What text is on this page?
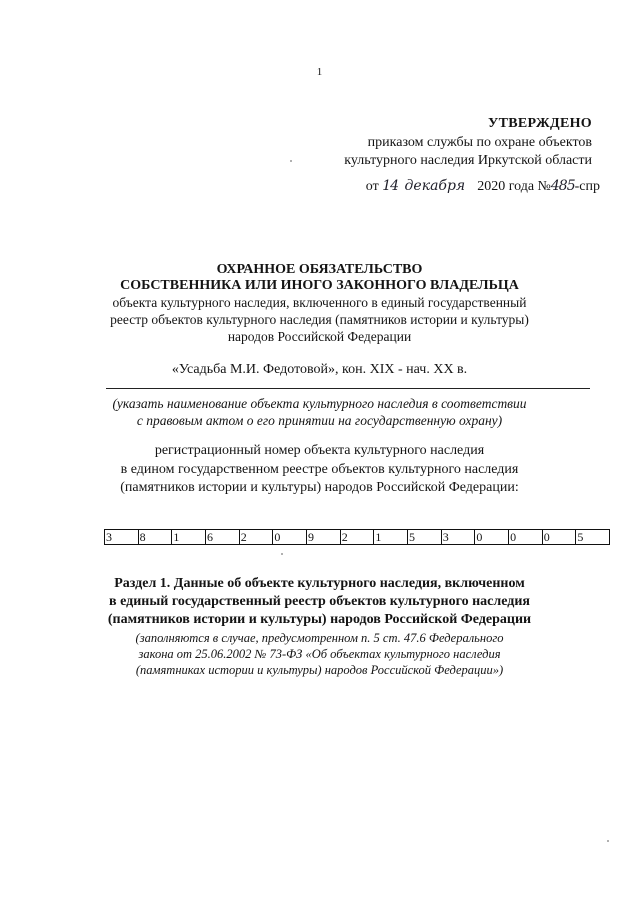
1
УТВЕРЖДЕНО
приказом службы по охране объектов
культурного наследия Иркутской области
от 14 декабря 2020 года №485-спр
ОХРАННОЕ ОБЯЗАТЕЛЬСТВО
СОБСТВЕННИКА ИЛИ ИНОГО ЗАКОННОГО ВЛАДЕЛЬЦА
объекта культурного наследия, включенного в единый государственный
реестр объектов культурного наследия (памятников истории и культуры)
народов Российской Федерации
«Усадьба М.И. Федотовой», кон. XIX - нач. XX в.
(указать наименование объекта культурного наследия в соответствии
с правовым актом о его принятии на государственную охрану)
регистрационный номер объекта культурного наследия
в едином государственном реестре объектов культурного наследия
(памятников истории и культуры) народов Российской Федерации:
3	8	1	6	2	0	9	2	1	5	3	0	0	0	5
Раздел 1. Данные об объекте культурного наследия, включенном
в единый государственный реестр объектов культурного наследия
(памятников истории и культуры) народов Российской Федерации
(заполняются в случае, предусмотренном п. 5 ст. 47.6 Федерального
закона от 25.06.2002 № 73-ФЗ «Об объектах культурного наследия
(памятниках истории и культуры) народов Российской Федерации»)
